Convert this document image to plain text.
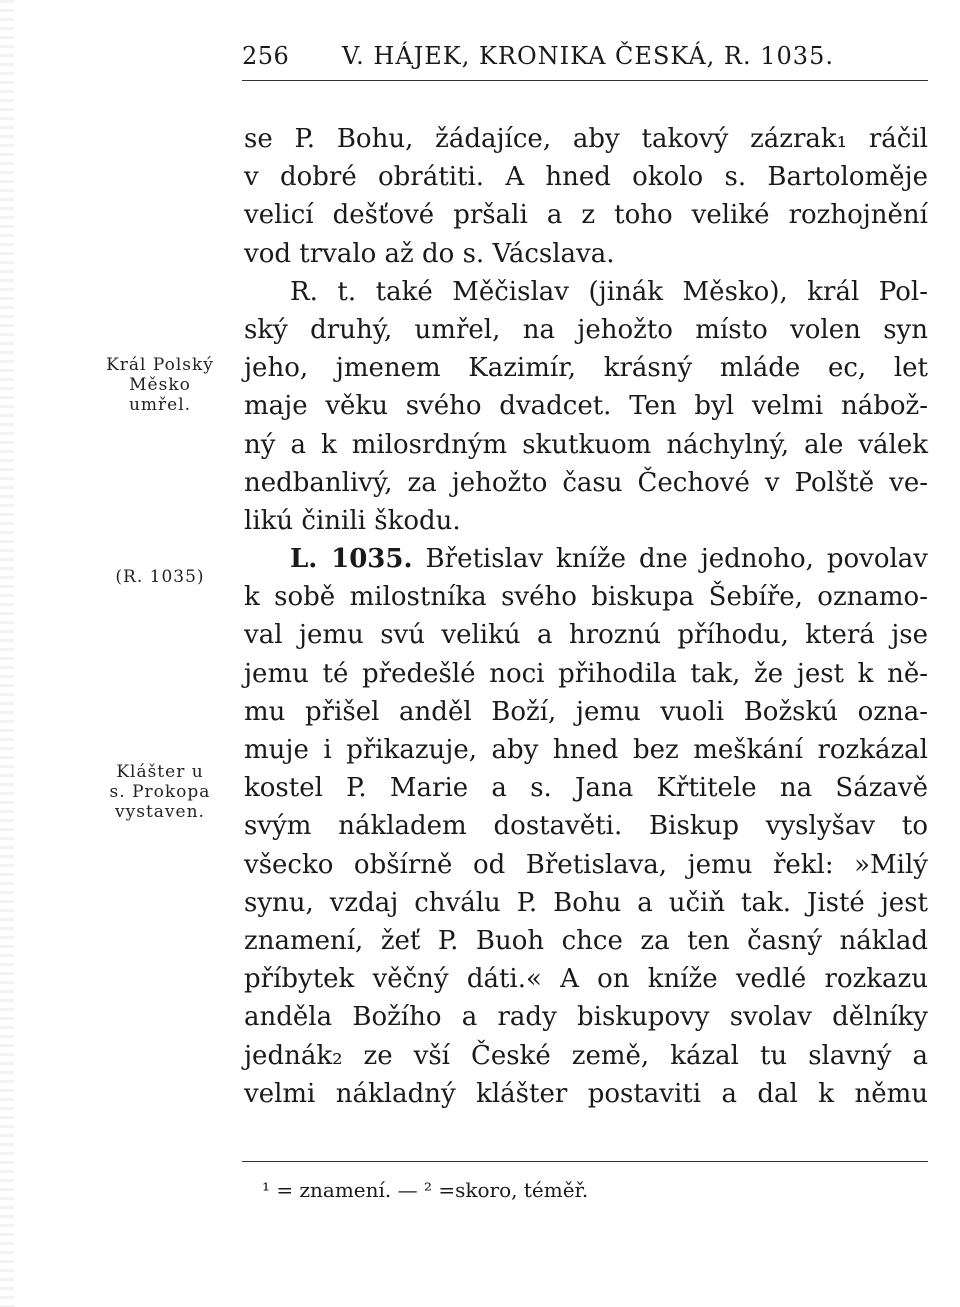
256 V. HÁJEK, KRONIKA ČESKÁ, R. 1035.
se P. Bohu, žádajíce, aby takový zázrak₁ ráčil
v dobré obrátiti. A hned okolo s. Bartoloměje
velicí dešťové pršali a z toho veliké rozhojnění
vod trvalo až do s. Vácslava.
R. t. také Měčislav (jinák Měsko), král Pol-
ský druhý, umřel, na jehožto místo volen syn
jeho, jmenem Kazimír, krásný mláde ec, let
maje věku svého dvadcet. Ten byl velmi nábož-
ný a k milosrdným skutkuom náchylný, ale válek
nedbanlivý, za jehožto času Čechové v Polště ve-
likú činili škodu.
L. 1035. Břetislav kníže dne jednoho, povolav
k sobě milostníka svého biskupa Šebíře, oznamo-
val jemu svú velikú a hroznú příhodu, která jse
jemu té předešlé noci přihodila tak, že jest k ně-
mu přišel anděl Boží, jemu vuoli Božskú ozna-
muje i přikazuje, aby hned bez meškání rozkázal
kostel P. Marie a s. Jana Křtitele na Sázavě
svým nákladem dostavěti. Biskup vyslyšav to
všecko obšírně od Břetislava, jemu řekl: »Milý
synu, vzdaj chválu P. Bohu a učiň tak. Jisté jest
znamení, žeť P. Buoh chce za ten časný náklad
příbytek věčný dáti.« A on kníže vedlé rozkazu
anděla Božího a rady biskupovy svolav dělníky
jednák₂ ze vší České země, kázal tu slavný a
velmi nákladný klášter postaviti a dal k němu
Král Polský
Měsko
umřel.
(R. 1035)
Klášter u
s. Prokopa
vystaven.
¹ = znamení. — ² =skoro, téměř.
